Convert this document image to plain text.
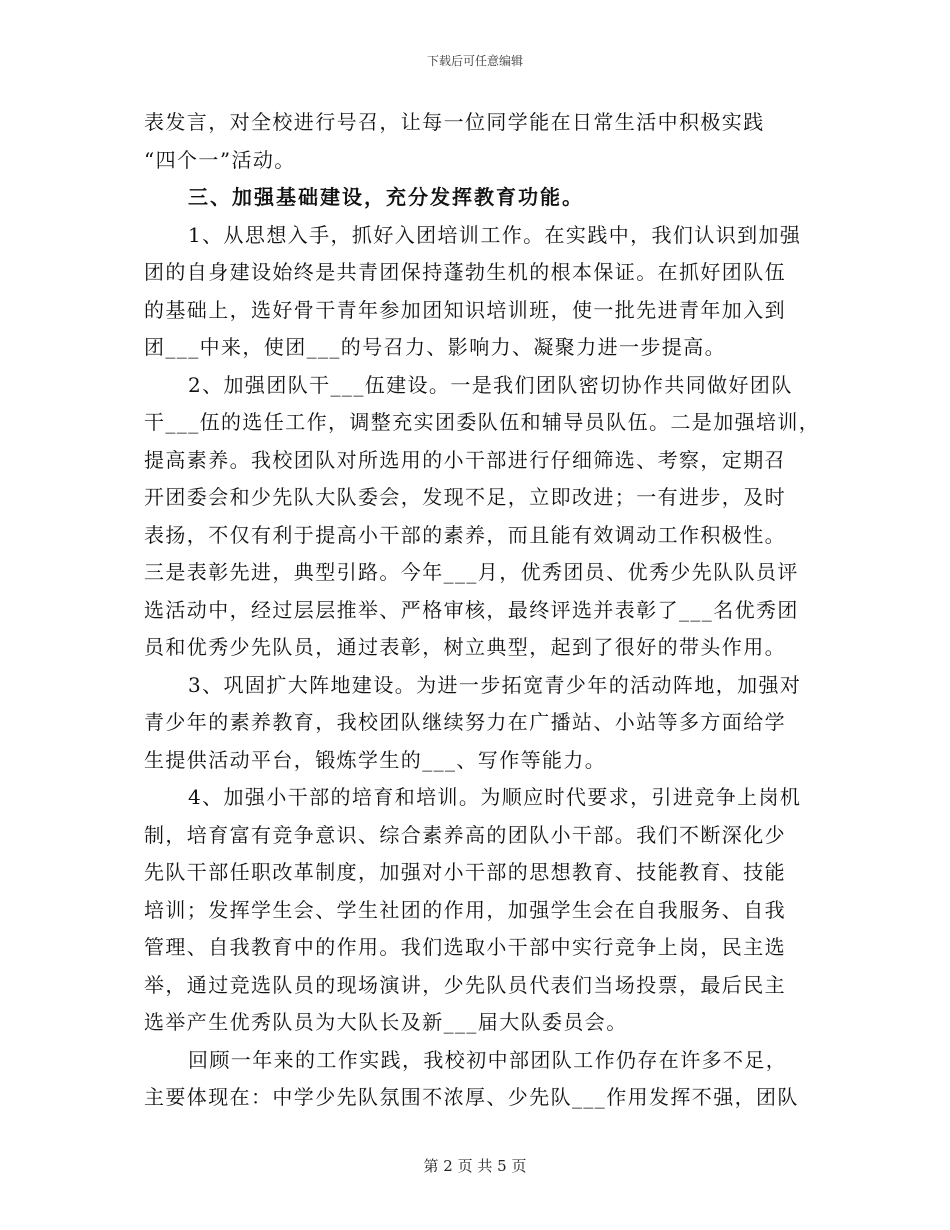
下载后可任意编辑
表发言，对全校进行号召，让每一位同学能在日常生活中积极实践
“四个一”活动。
三、加强基础建设，充分发挥教育功能。
1、从思想入手，抓好入团培训工作。在实践中，我们认识到加强
团的自身建设始终是共青团保持蓬勃生机的根本保证。在抓好团队伍
的基础上，选好骨干青年参加团知识培训班，使一批先进青年加入到
团___中来，使团___的号召力、影响力、凝聚力进一步提高。
2、加强团队干___伍建设。一是我们团队密切协作共同做好团队
干___伍的选任工作，调整充实团委队伍和辅导员队伍。二是加强培训，
提高素养。我校团队对所选用的小干部进行仔细筛选、考察，定期召
开团委会和少先队大队委会，发现不足，立即改进；一有进步，及时
表扬，不仅有利于提高小干部的素养，而且能有效调动工作积极性。
三是表彰先进，典型引路。今年___月，优秀团员、优秀少先队队员评
选活动中，经过层层推举、严格审核，最终评选并表彰了___名优秀团
员和优秀少先队员，通过表彰，树立典型，起到了很好的带头作用。
3、巩固扩大阵地建设。为进一步拓宽青少年的活动阵地，加强对
青少年的素养教育，我校团队继续努力在广播站、小站等多方面给学
生提供活动平台，锻炼学生的___、写作等能力。
4、加强小干部的培育和培训。为顺应时代要求，引进竞争上岗机
制，培育富有竞争意识、综合素养高的团队小干部。我们不断深化少
先队干部任职改革制度，加强对小干部的思想教育、技能教育、技能
培训；发挥学生会、学生社团的作用，加强学生会在自我服务、自我
管理、自我教育中的作用。我们选取小干部中实行竞争上岗，民主选
举，通过竞选队员的现场演讲，少先队员代表们当场投票，最后民主
选举产生优秀队员为大队长及新___届大队委员会。
回顾一年来的工作实践，我校初中部团队工作仍存在许多不足，
主要体现在：中学少先队氛围不浓厚、少先队___作用发挥不强，团队
第 2 页 共 5 页
